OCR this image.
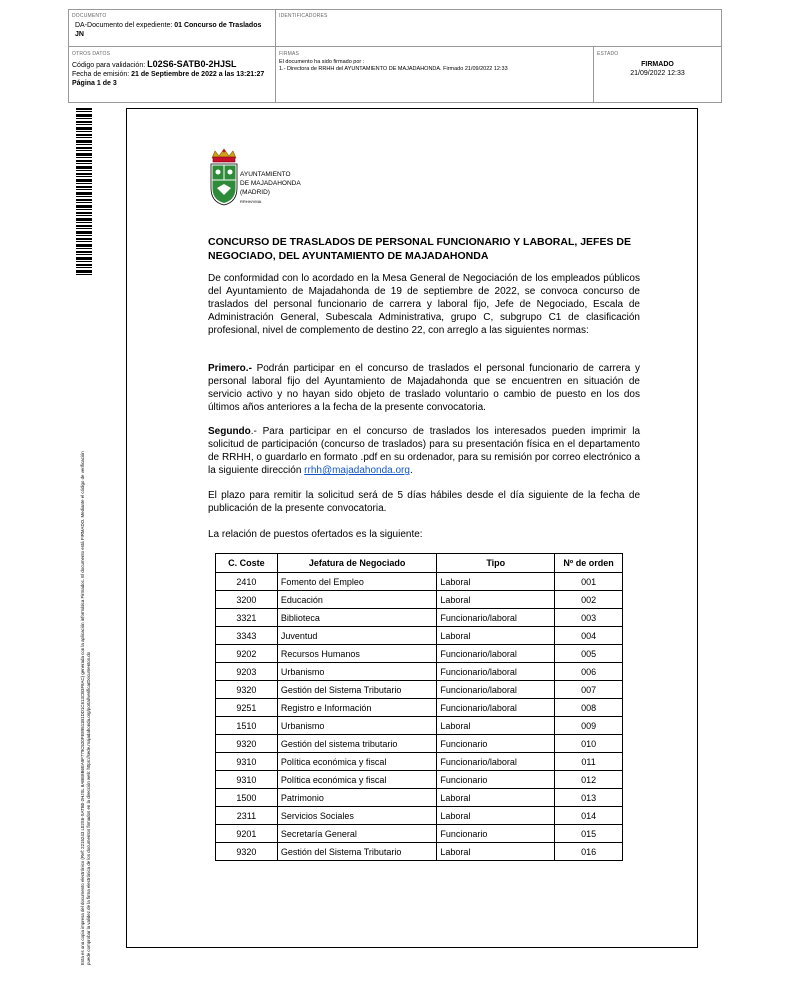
DOCUMENTO
DA-Documento del expediente: 01 Concurso de Traslados JN
IDENTIFICADORES
OTROS DATOS
Código para validación: L02S6-SATB0-2HJSL
Fecha de emisión: 21 de Septiembre de 2022 a las 13:21:27
Página 1 de 3
FIRMAS
El documento ha sido firmado por :
1.- Directora de RRHH del AYUNTAMIENTO DE MAJADAHONDA. Firmado 21/09/2022 12:33
ESTADO
FIRMADO
21/09/2022 12:33
Esta es una copia impresa del documento electrónico (Ref: 2215243 L02S6-SATB0-2HJSL 8ABE8B6EA9F779C520FE89511B1DD1C613CB3F8AC) generada con la aplicación informática Firmadoc. El documento está FIRMADO. Mediante el código de verificación puede comprobar la validez de la firma electrónica de los documentos firmados en la dirección web: https://sede.majadahonda.org/portal/verificarDocumentos.do
AYUNTAMIENTO
DE MAJADAHONDA
(MADRID)
RRHH/VMA
CONCURSO DE TRASLADOS DE PERSONAL FUNCIONARIO Y LABORAL, JEFES DE NEGOCIADO, DEL AYUNTAMIENTO DE MAJADAHONDA
De conformidad con lo acordado en la Mesa General de Negociación de los empleados públicos del Ayuntamiento de Majadahonda de 19 de septiembre de 2022, se convoca concurso de traslados del personal funcionario de carrera y laboral fijo, Jefe de Negociado, Escala de Administración General, Subescala Administrativa, grupo C, subgrupo C1 de clasificación profesional, nivel de complemento de destino 22, con arreglo a las siguientes normas:
Primero.- Podrán participar en el concurso de traslados el personal funcionario de carrera y personal laboral fijo del Ayuntamiento de Majadahonda que se encuentren en situación de servicio activo y no hayan sido objeto de traslado voluntario o cambio de puesto en los dos últimos años anteriores a la fecha de la presente convocatoria.
Segundo.- Para participar en el concurso de traslados los interesados pueden imprimir la solicitud de participación (concurso de traslados) para su presentación física en el departamento de RRHH, o guardarlo en formato .pdf en su ordenador, para su remisión por correo electrónico a la siguiente dirección rrhh@majadahonda.org.
El plazo para remitir la solicitud será de 5 días hábiles desde el día siguiente de la fecha de publicación de la presente convocatoria.
La relación de puestos ofertados es la siguiente:
C. Coste	Jefatura de Negociado	Tipo	Nº de orden
2410	Fomento del Empleo	Laboral	001
3200	Educación	Laboral	002
3321	Biblioteca	Funcionario/laboral	003
3343	Juventud	Laboral	004
9202	Recursos Humanos	Funcionario/laboral	005
9203	Urbanismo	Funcionario/laboral	006
9320	Gestión del Sistema Tributario	Funcionario/laboral	007
9251	Registro e Información	Funcionario/laboral	008
1510	Urbanismo	Laboral	009
9320	Gestión del sistema tributario	Funcionario	010
9310	Política económica y fiscal	Funcionario/laboral	011
9310	Política económica y fiscal	Funcionario	012
1500	Patrimonio	Laboral	013
2311	Servicios Sociales	Laboral	014
9201	Secretaría General	Funcionario	015
9320	Gestión del Sistema Tributario	Laboral	016
